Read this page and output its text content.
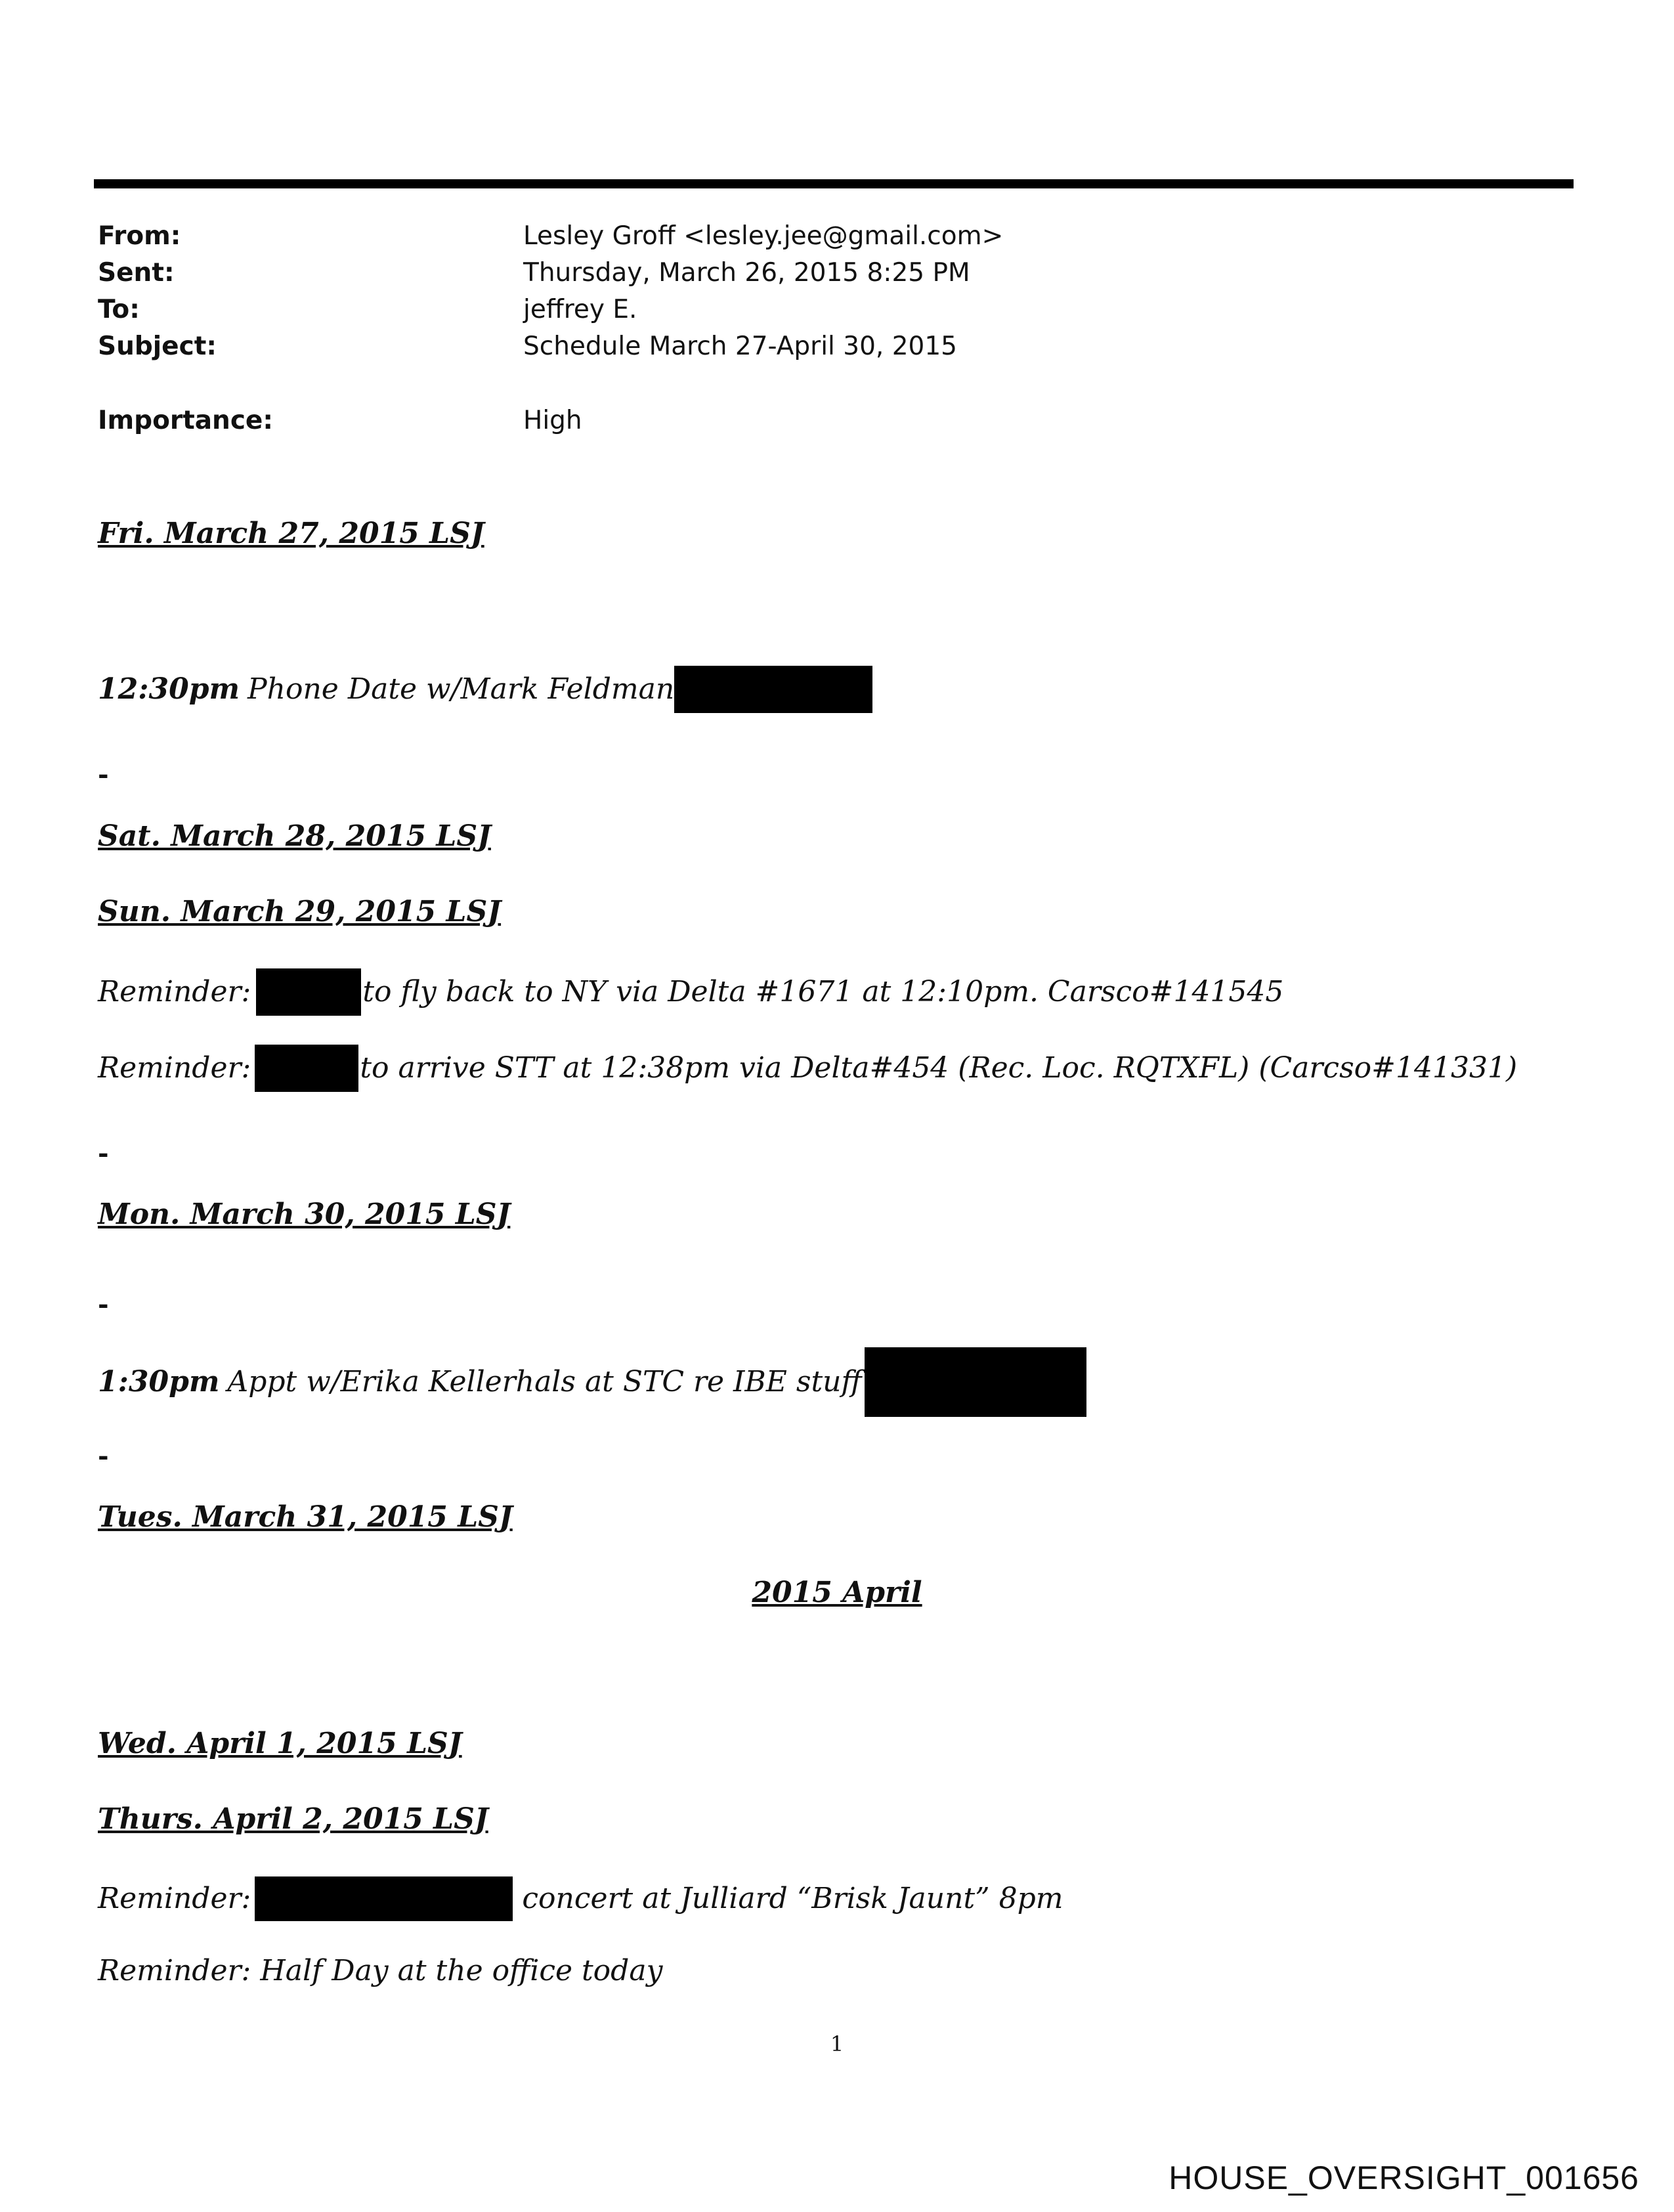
From:	Lesley Groff <lesley.jee@gmail.com>
Sent:	Thursday, March 26, 2015 8:25 PM
To:	jeffrey E.
Subject:	Schedule March 27-April 30, 2015
Importance:	High
Fri. March 27, 2015 LSJ
12:30pm Phone Date w/Mark Feldman
-
Sat. March 28, 2015 LSJ
Sun. March 29, 2015 LSJ
Reminder:	to fly back to NY via Delta #1671 at 12:10pm. Carsco#141545
Reminder:	to arrive STT at 12:38pm via Delta#454 (Rec. Loc. RQTXFL) (Carcso#141331)
-
Mon. March 30, 2015 LSJ
-
1:30pm Appt w/Erika Kellerhals at STC re IBE stuff
-
Tues. March 31, 2015 LSJ
2015 April
Wed. April 1, 2015 LSJ
Thurs. April 2, 2015 LSJ
Reminder:	concert at Julliard “Brisk Jaunt” 8pm
Reminder: Half Day at the office today
1
HOUSE_OVERSIGHT_001656
